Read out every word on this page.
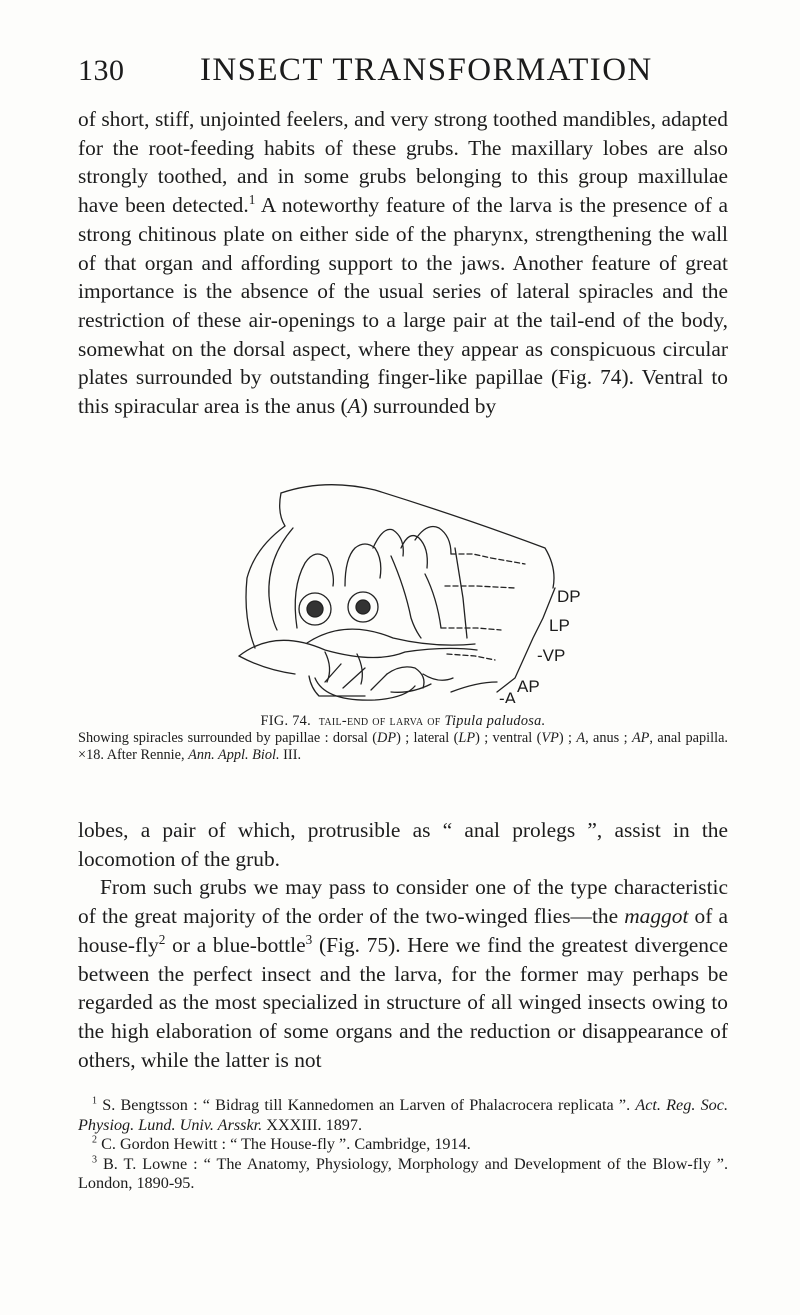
130 INSECT TRANSFORMATION

of short, stiff, unjointed feelers, and very strong toothed mandibles, adapted for the root-feeding habits of these grubs. The maxillary lobes are also strongly toothed, and in some grubs belonging to this group maxillulae have been detected.$^1$ A noteworthy feature of the larva is the presence of a strong chitinous plate on either side of the pharynx, strengthening the wall of that organ and affording support to the jaws. Another feature of great importance is the absence of the usual series of lateral spiracles and the restriction of these air-openings to a large pair at the tail-end of the body, somewhat on the dorsal aspect, where they appear as conspicuous circular plates surrounded by outstanding finger-like papillae (Fig. 74). Ventral to this spiracular area is the anus (A) surrounded by

DP
LP
-VP
AP
-A
FIG. 74. tail-end of larva of Tipula paludosa.
Showing spiracles surrounded by papillae : dorsal (DP) ; lateral (LP) ; ventral (VP) ; A, anus ; AP, anal papilla. ×18. After Rennie, Ann. Appl. Biol. III.

lobes, a pair of which, protrusible as “ anal prolegs ”, assist in the locomotion of the grub.

From such grubs we may pass to consider one of the type characteristic of the great majority of the order of the two-winged flies—the maggot of a house-fly$^2$ or a blue-bottle$^3$ (Fig. 75). Here we find the greatest divergence between the perfect insect and the larva, for the former may perhaps be regarded as the most specialized in structure of all winged insects owing to the high elaboration of some organs and the reduction or disappearance of others, while the latter is not

$^1$ S. Bengtsson : “ Bidrag till Kannedomen an Larven of Phalacrocera replicata ”. Act. Reg. Soc. Physiog. Lund. Univ. Arsskr. XXXIII. 1897.

$^2$ C. Gordon Hewitt : “ The House-fly ”. Cambridge, 1914.

$^3$ B. T. Lowne : “ The Anatomy, Physiology, Morphology and Development of the Blow-fly ”. London, 1890-95.
